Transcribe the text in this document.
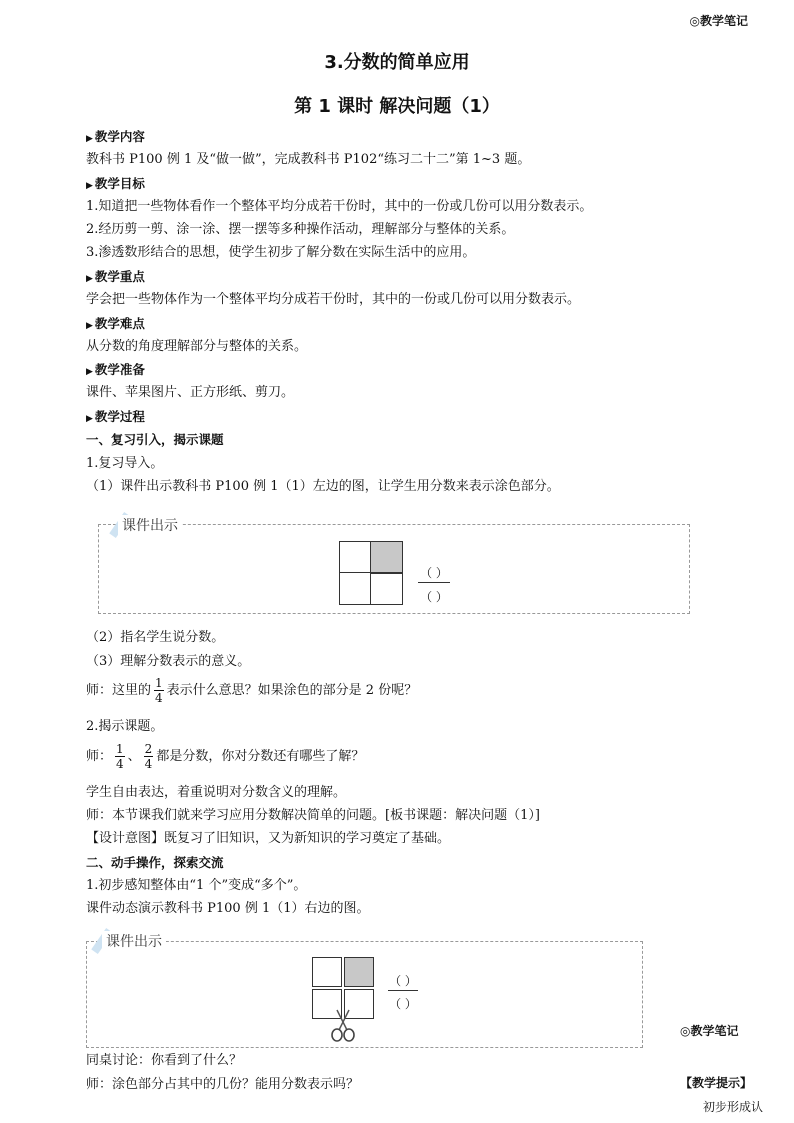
◎教学笔记
3.分数的简单应用
第 1 课时 解决问题（1）
▶ 教学内容
教科书 P100 例 1 及“做一做”，完成教科书 P102“练习二十二”第 1~3 题。
▶ 教学目标
1.知道把一些物体看作一个整体平均分成若干份时，其中的一份或几份可以用分数表示。
2.经历剪一剪、涂一涂、摆一摆等多种操作活动，理解部分与整体的关系。
3.渗透数形结合的思想，使学生初步了解分数在实际生活中的应用。
▶ 教学重点
学会把一些物体作为一个整体平均分成若干份时，其中的一份或几份可以用分数表示。
▶ 教学难点
从分数的角度理解部分与整体的关系。
▶ 教学准备
课件、苹果图片、正方形纸、剪刀。
▶ 教学过程
一、复习引入，揭示课题
1.复习导入。
（1）课件出示教科书 P100 例 1（1）左边的图，让学生用分数来表示涂色部分。
课件出示
（ ）
（ ）
（2）指名学生说分数。
（3）理解分数表示的意义。
师：这里的 $\frac{1}{4}$ 表示什么意思？如果涂色的部分是 2 份呢？
2.揭示课题。
师： $\frac{1}{4}$ 、 $\frac{2}{4}$ 都是分数，你对分数还有哪些了解？
学生自由表达，着重说明对分数含义的理解。
师：本节课我们就来学习应用分数解决简单的问题。[板书课题：解决问题（1）]
【设计意图】既复习了旧知识，又为新知识的学习奠定了基础。
二、动手操作，探索交流
1.初步感知整体由“1 个”变成“多个”。
课件动态演示教科书 P100 例 1（1）右边的图。
课件出示
（ ）
（ ）
同桌讨论：你看到了什么？
师：涂色部分占其中的几份？能用分数表示吗？
◎教学笔记
【教学提示】
初步形成认
